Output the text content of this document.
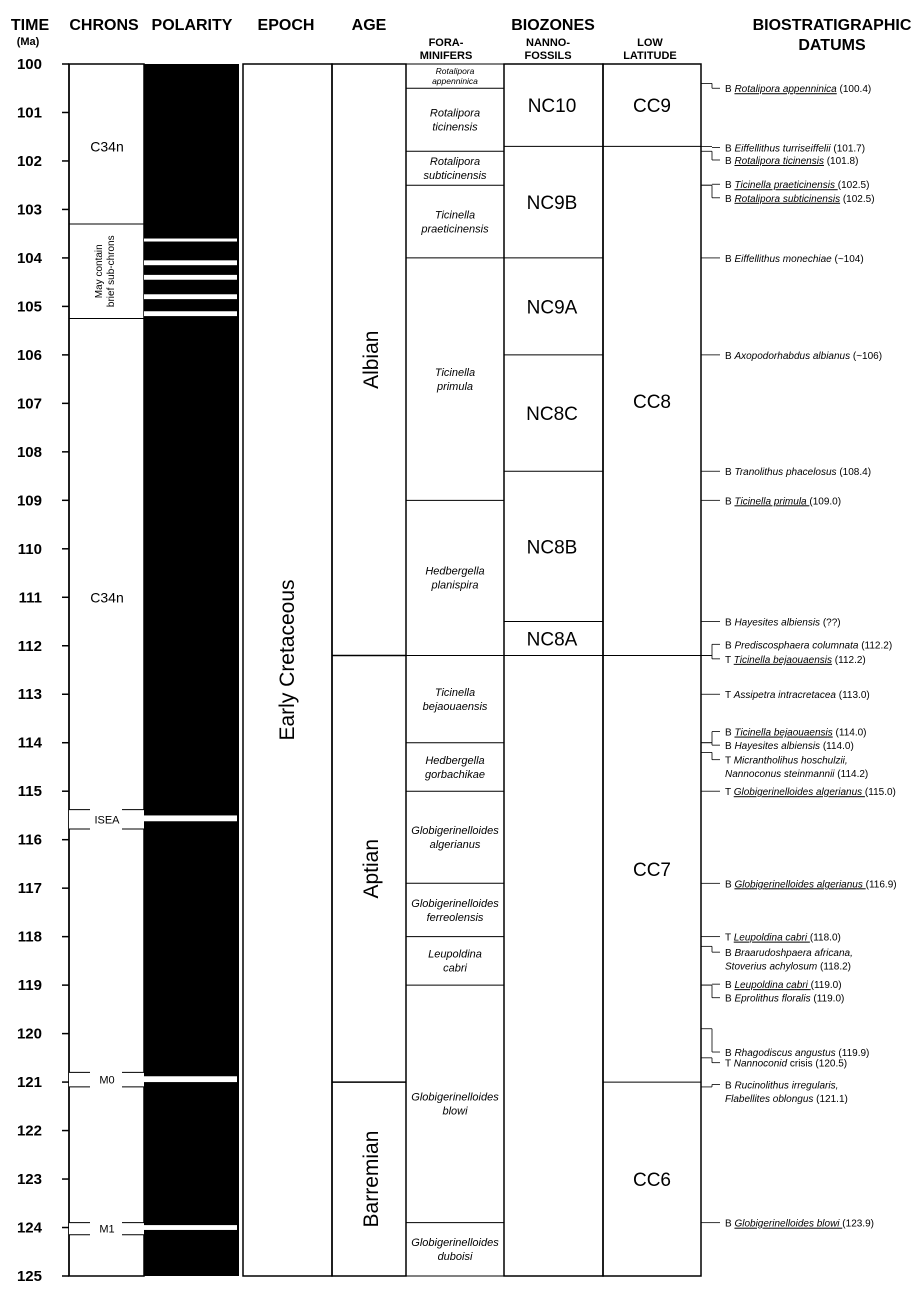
TIME
(Ma)
CHRONS POLARITY EPOCH AGE	BIOZONES
FORA-
MINIFERS
NANNO-
FOSSILS
LOW
LATITUDE
BIOSTRATIGRAPHIC
DATUMS
100
101
102
103
104
105
106
107
108
109
110
111
112
113
114
115
116
117
118
119
120
121
122
123
124
125
C34n
C34n
May contain brief sub-chrons
ISEA
M0
M1
Early Cretaceous
Albian
Aptian
Barremian
Rotalipora
appenninica
Rotalipora
ticinensis
Rotalipora
subticinensis
Ticinella
praeticinensis
Ticinella
primula
Hedbergella
planispira
Ticinella
bejaouaensis
Hedbergella
gorbachikae
Globigerinelloides
algerianus
Globigerinelloides
ferreolensis
Leupoldina
cabri
Globigerinelloides
blowi
Globigerinelloides
duboisi
NC10
NC9B
NC9A
NC8C
NC8B
NC8A
CC9
CC8
CC7
CC6
B Rotalipora appenninica (100.4)
B Eiffellithus turriseiffelii (101.7)
B Rotalipora ticinensis (101.8)
B Ticinella praeticinensis (102.5)
B Rotalipora subticinensis (102.5)
B Eiffellithus monechiae (~104)
B Axopodorhabdus albianus (~106)
B Tranolithus phacelosus (108.4)
B Ticinella primula (109.0)
B Hayesites albiensis (??)
B Prediscosphaera columnata (112.2)
T Ticinella bejaouaensis (112.2)
T Assipetra intracretacea (113.0)
B Ticinella bejaouaensis (114.0)
B Hayesites albiensis (114.0)
T Micrantholihus hoschulzii,
Nannoconus steinmannii (114.2)
T Globigerinelloides algerianus (115.0)
B Globigerinelloides algerianus (116.9)
T Leupoldina cabri (118.0)
B Braarudoshpaera africana,
Stoverius achylosum (118.2)
B Leupoldina cabri (119.0)
B Eprolithus floralis (119.0)
B Rhagodiscus angustus (119.9)
T Nannoconid crisis (120.5)
B Rucinolithus irregularis,
Flabellites oblongus (121.1)
B Globigerinelloides blowi (123.9)
